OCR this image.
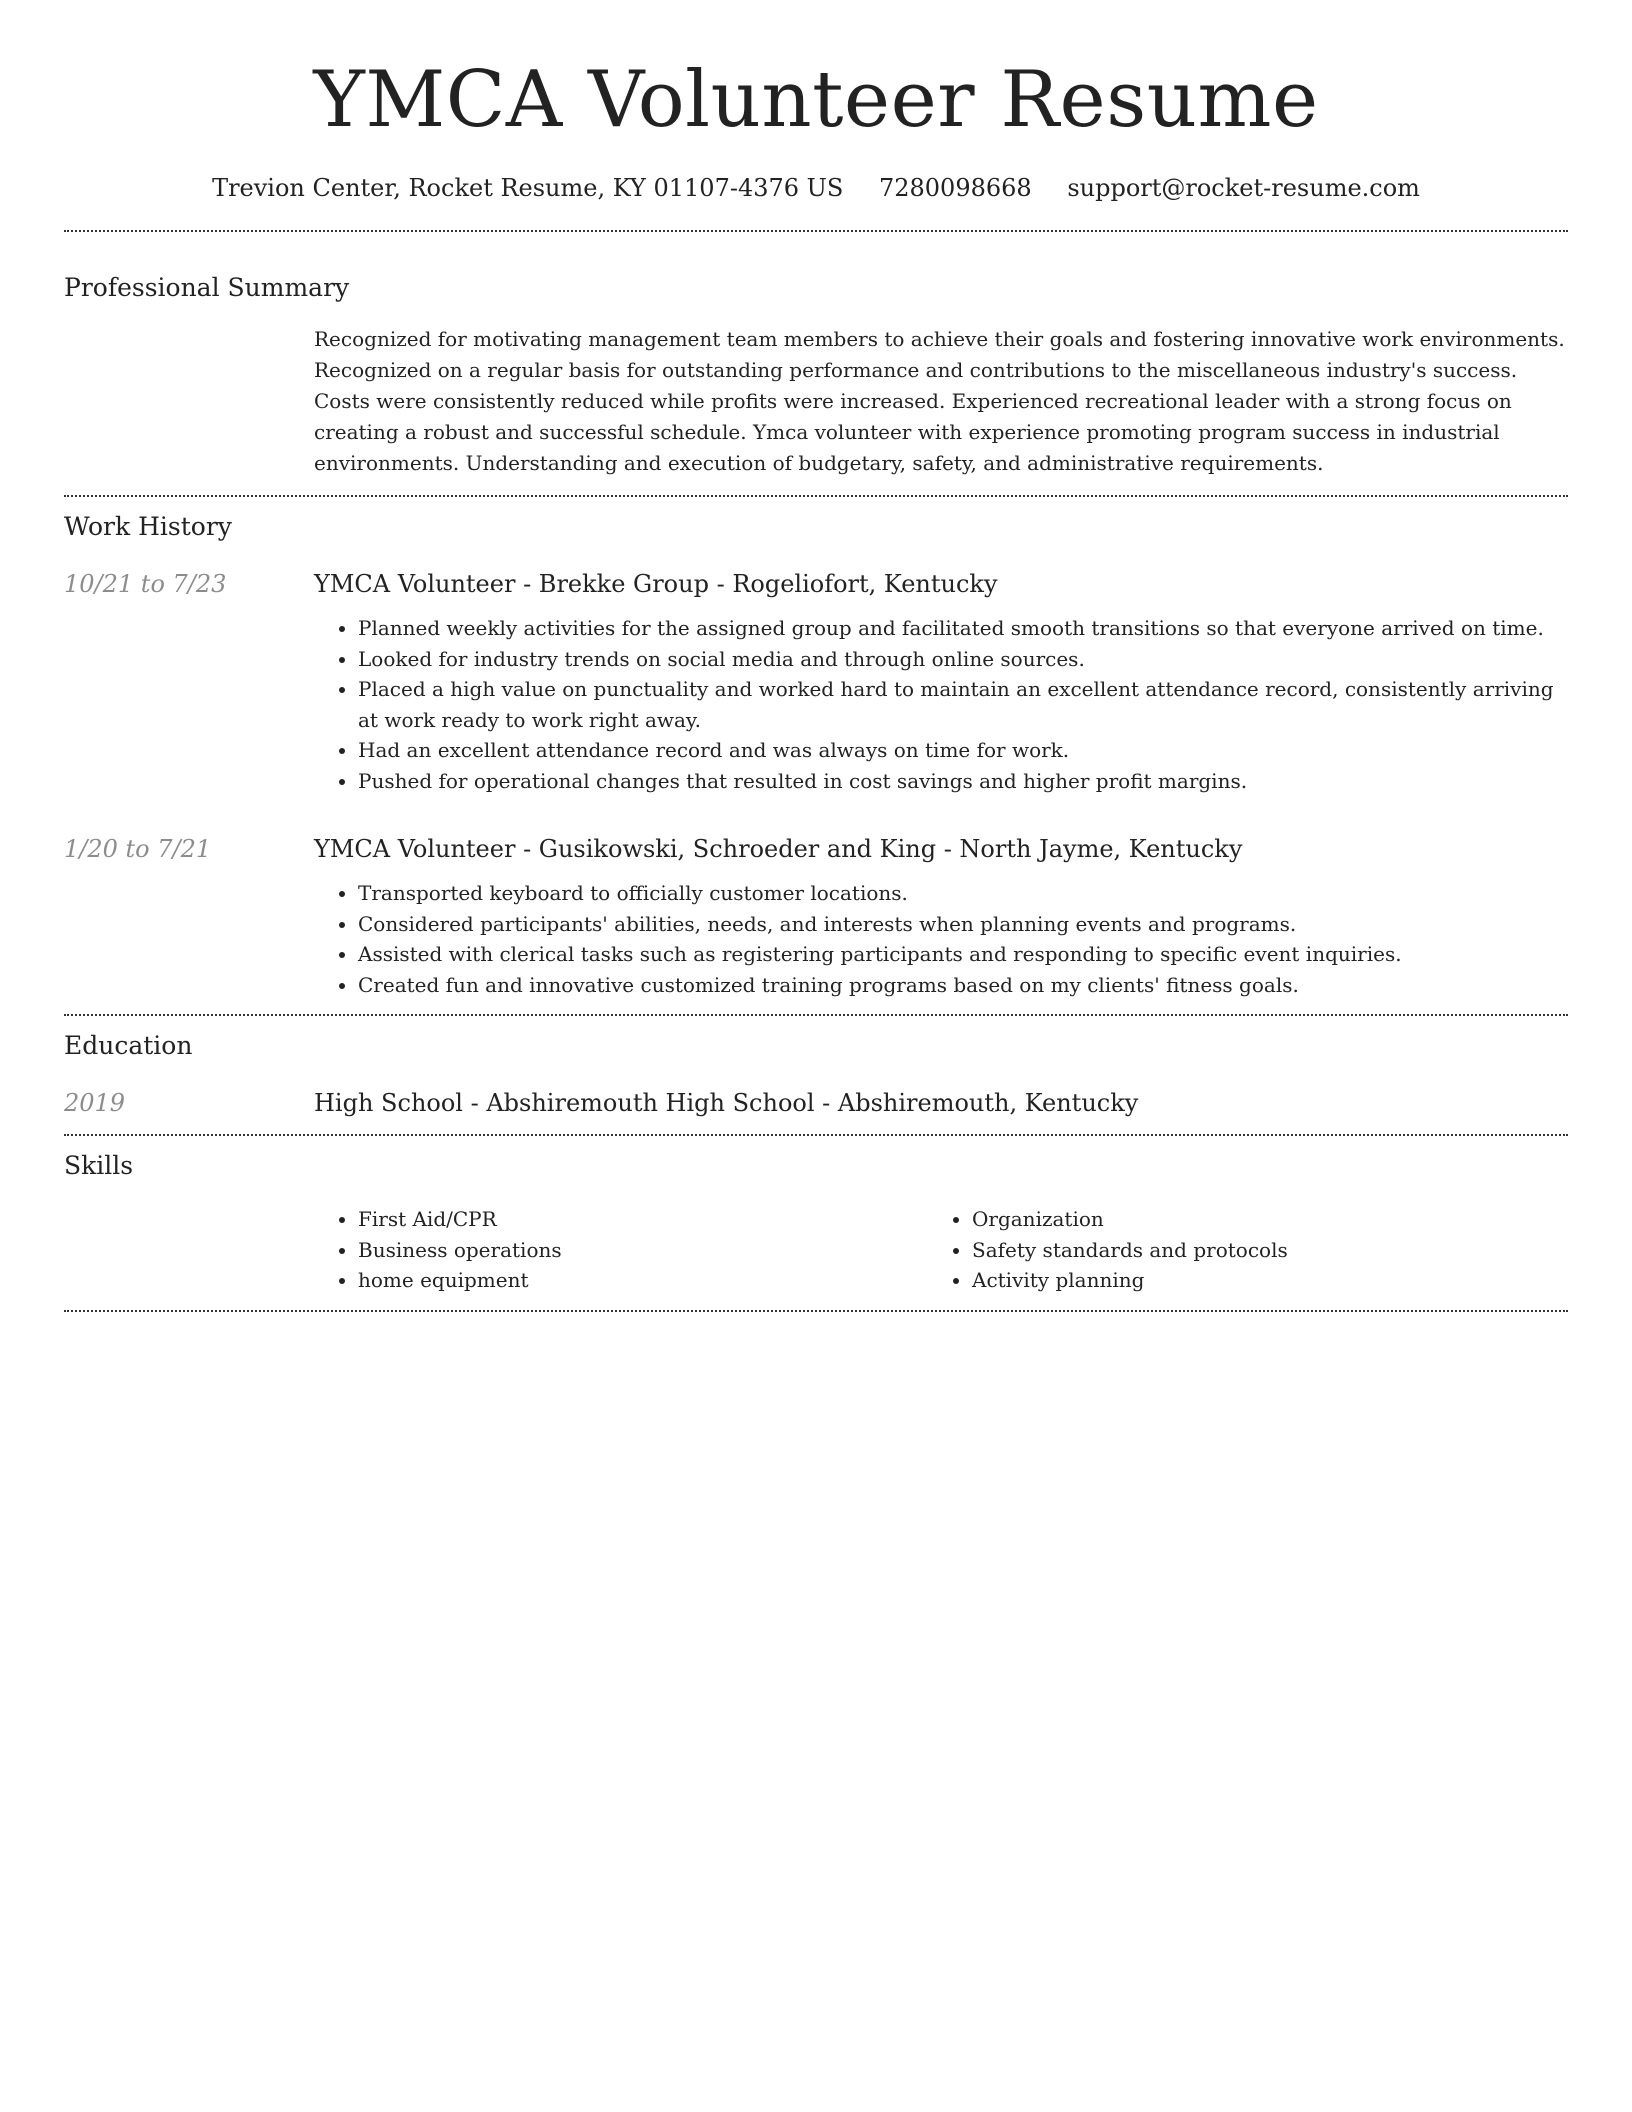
YMCA Volunteer Resume
Trevion Center, Rocket Resume, KY 01107-4376 US 7280098668 support@rocket-resume.com
Professional Summary
Recognized for motivating management team members to achieve their goals and fostering innovative work environments. Recognized on a regular basis for outstanding performance and contributions to the miscellaneous industry's success. Costs were consistently reduced while profits were increased. Experienced recreational leader with a strong focus on creating a robust and successful schedule. Ymca volunteer with experience promoting program success in industrial environments. Understanding and execution of budgetary, safety, and administrative requirements.
Work History
10/21 to 7/23	YMCA Volunteer - Brekke Group - Rogeliofort, Kentucky
• Planned weekly activities for the assigned group and facilitated smooth transitions so that everyone arrived on time.
• Looked for industry trends on social media and through online sources.
• Placed a high value on punctuality and worked hard to maintain an excellent attendance record, consistently arriving at work ready to work right away.
• Had an excellent attendance record and was always on time for work.
• Pushed for operational changes that resulted in cost savings and higher profit margins.
1/20 to 7/21	YMCA Volunteer - Gusikowski, Schroeder and King - North Jayme, Kentucky
• Transported keyboard to officially customer locations.
• Considered participants' abilities, needs, and interests when planning events and programs.
• Assisted with clerical tasks such as registering participants and responding to specific event inquiries.
• Created fun and innovative customized training programs based on my clients' fitness goals.
Education
2019	High School - Abshiremouth High School - Abshiremouth, Kentucky
Skills
• First Aid/CPR
• Business operations
• home equipment
• Organization
• Safety standards and protocols
• Activity planning
